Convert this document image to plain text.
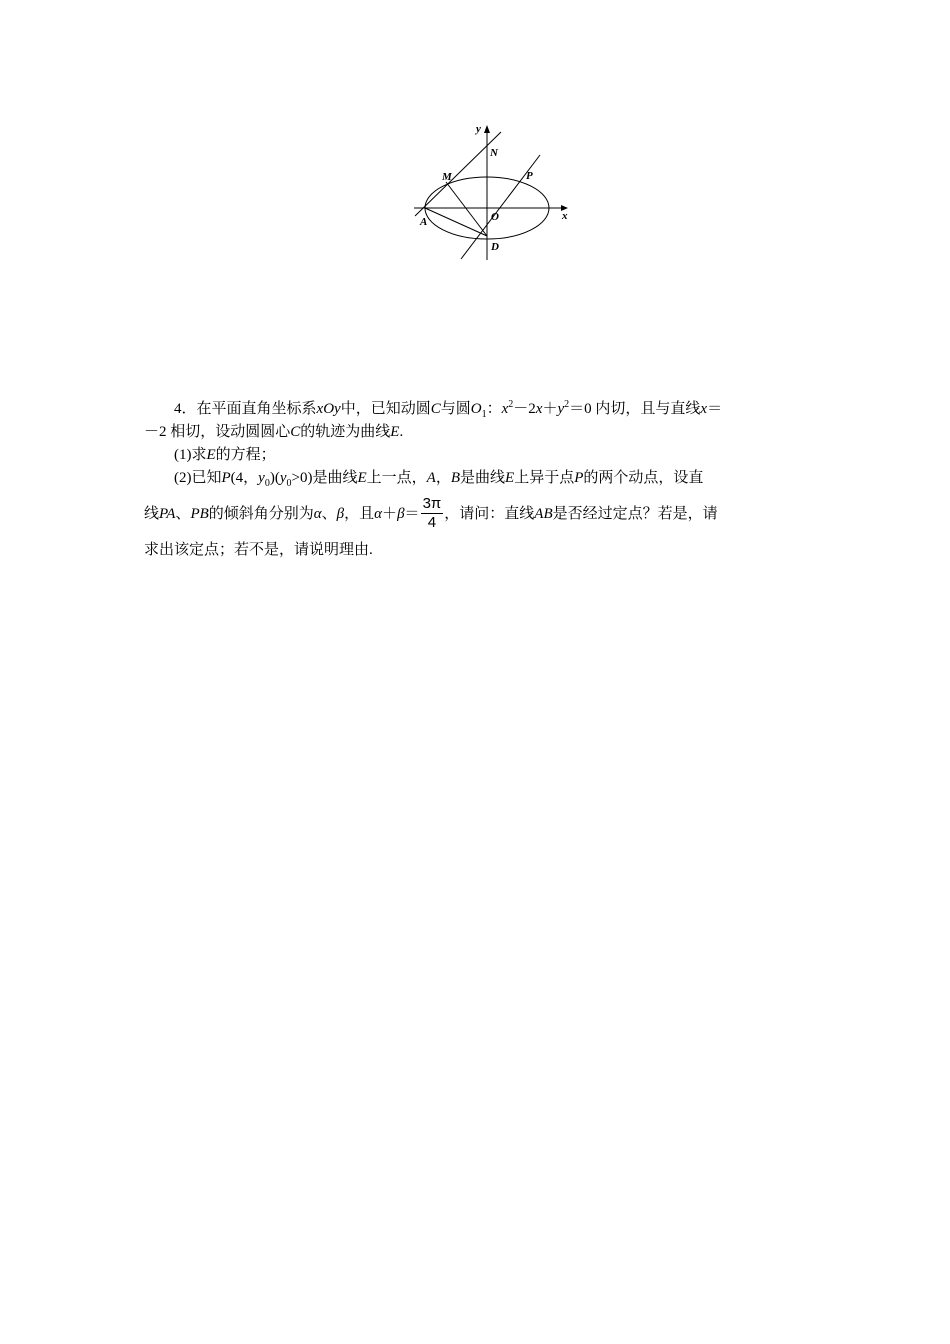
y
x
N
M	P
A	O
D
4．在平面直角坐标系xOy中，已知动圆C与圆$O_1$：$x^2-2x+y^2=0$ 内切，且与直线x＝
－2 相切，设动圆圆心C的轨迹为曲线E.
(1)求E的方程；
(2)已知P(4，$y_0)(y_0>0)$是曲线E上一点，A，B是曲线E上异于点P的两个动点，设直
线PA、PB的倾斜角分别为α、β，且$\alpha+\beta= \frac{3\pi}{4}$ ，请问：直线AB是否经过定点？若是，请
求出该定点；若不是，请说明理由.
